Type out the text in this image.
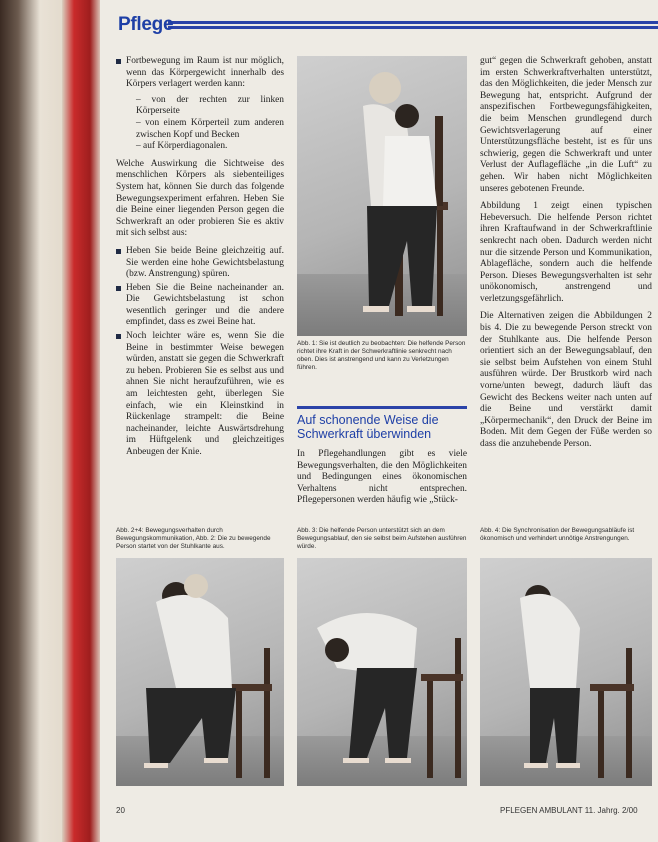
Pflege
Fortbewegung im Raum ist nur möglich, wenn das Körpergewicht innerhalb des Körpers verlagert werden kann:
– von der rechten zur linken Körperseite
– von einem Körperteil zum anderen zwischen Kopf und Becken
– auf Körperdiagonalen.

Welche Auswirkung die Sichtweise des menschlichen Körpers als siebenteiliges System hat, können Sie durch das folgende Bewegungsexperiment erfahren. Heben Sie die Beine einer liegenden Person gegen die Schwerkraft an oder probieren Sie es aktiv mit sich selbst aus:

Heben Sie beide Beine gleichzeitig auf. Sie werden eine hohe Gewichtsbelastung (bzw. Anstrengung) spüren.
Heben Sie die Beine nacheinander an. Die Gewichtsbelastung ist schon wesentlich geringer und die andere empfindet, dass es zwei Beine hat.
Noch leichter wäre es, wenn Sie die Beine in bestimmter Weise bewegen würden, anstatt sie gegen die Schwerkraft zu heben. Probieren Sie es selbst aus und ahnen Sie nicht heraufzuführen, wie es am leichtesten geht, überlegen Sie einfach, wie ein Kleinstkind in Rückenlage strampelt: die Beine nacheinander, leichte Auswärtsdrehung im Hüftgelenk und gleichzeitiges Anbeugen der Knie.
Abb. 1: Sie ist deutlich zu beobachten: Die helfende Person richtet ihre Kraft in der Schwerkraftlinie senkrecht nach oben. Dies ist anstrengend und kann zu Verletzungen führen.
Auf schonende Weise die Schwerkraft überwinden

In Pflegehandlungen gibt es viele Bewegungsverhalten, die den Möglichkeiten und Bedingungen eines ökonomischen Verhaltens nicht entsprechen. Pflegepersonen werden häufig wie „Stück-

gut“ gegen die Schwerkraft gehoben, anstatt im ersten Schwerkraftverhalten unterstützt, das den Möglichkeiten, die jeder Mensch zur Bewegung hat, entspricht. Aufgrund der anspezifischen Fortbewegungsfähigkeiten, die beim Menschen grundlegend durch Gewichtsverlagerung auf einer Unterstützungsfläche besteht, ist es für uns schwierig, gegen die Schwerkraft und unter Verlust der Auflagefläche „in die Luft“ zu gehen. Wir haben nicht Möglichkeiten unseres gebotenen Freunde.

Abbildung 1 zeigt einen typischen Hebeversuch. Die helfende Person richtet ihren Kraftaufwand in der Schwerkraftlinie senkrecht nach oben. Dadurch werden nicht nur die sitzende Person und Kommunikation, Ablagefläche, sondern auch die helfende Person. Dieses Bewegungsverhalten ist sehr unökonomisch, anstrengend und verletzungsgefährlich.

Die Alternativen zeigen die Abbildungen 2 bis 4. Die zu bewegende Person streckt von der Stuhlkante aus. Die helfende Person orientiert sich an der Bewegungsablauf, den sie selbst beim Aufstehen von einem Stuhl ausführen würde. Der Brustkorb wird nach vorne/unten bewegt, dadurch läuft das Gewicht des Beckens weiter nach unten auf die Beine und verstärkt damit „Körpermechanik“, den Druck der Beine im Boden. Mit dem Gegen der Füße werden so dass die anzuhebende Person.

Abb. 2+4: Bewegungsverhalten durch Bewegungskommunikation, Abb. 2: Die zu bewegende Person startet von der Stuhlkante aus.
Abb. 3: Die helfende Person unterstützt sich an dem Bewegungsablauf, den sie selbst beim Aufstehen ausführen würde.
Abb. 4: Die Synchronisation der Bewegungsabläufe ist ökonomisch und verhindert unnötige Anstrengungen.
20	PFLEGEN AMBULANT 11. Jahrg. 2/00
